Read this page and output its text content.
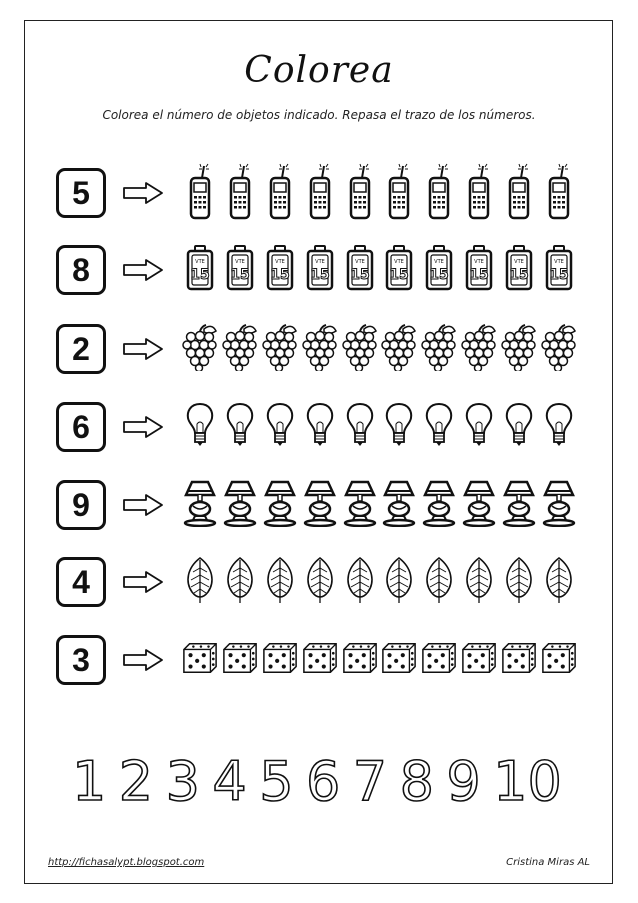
Colorea
Colorea el número de objetos indicado. Repasa el trazo de los números.
5
8	VTE
15
VTE
15
VTE
15
VTE
15
VTE
15
VTE
15
VTE
15
VTE
15
VTE
15
VTE
15
2
6
9
4
3
1 2 3 4 5 6 7 8 9 10
http://fichasalypt.blogspot.com	Cristina Miras AL
